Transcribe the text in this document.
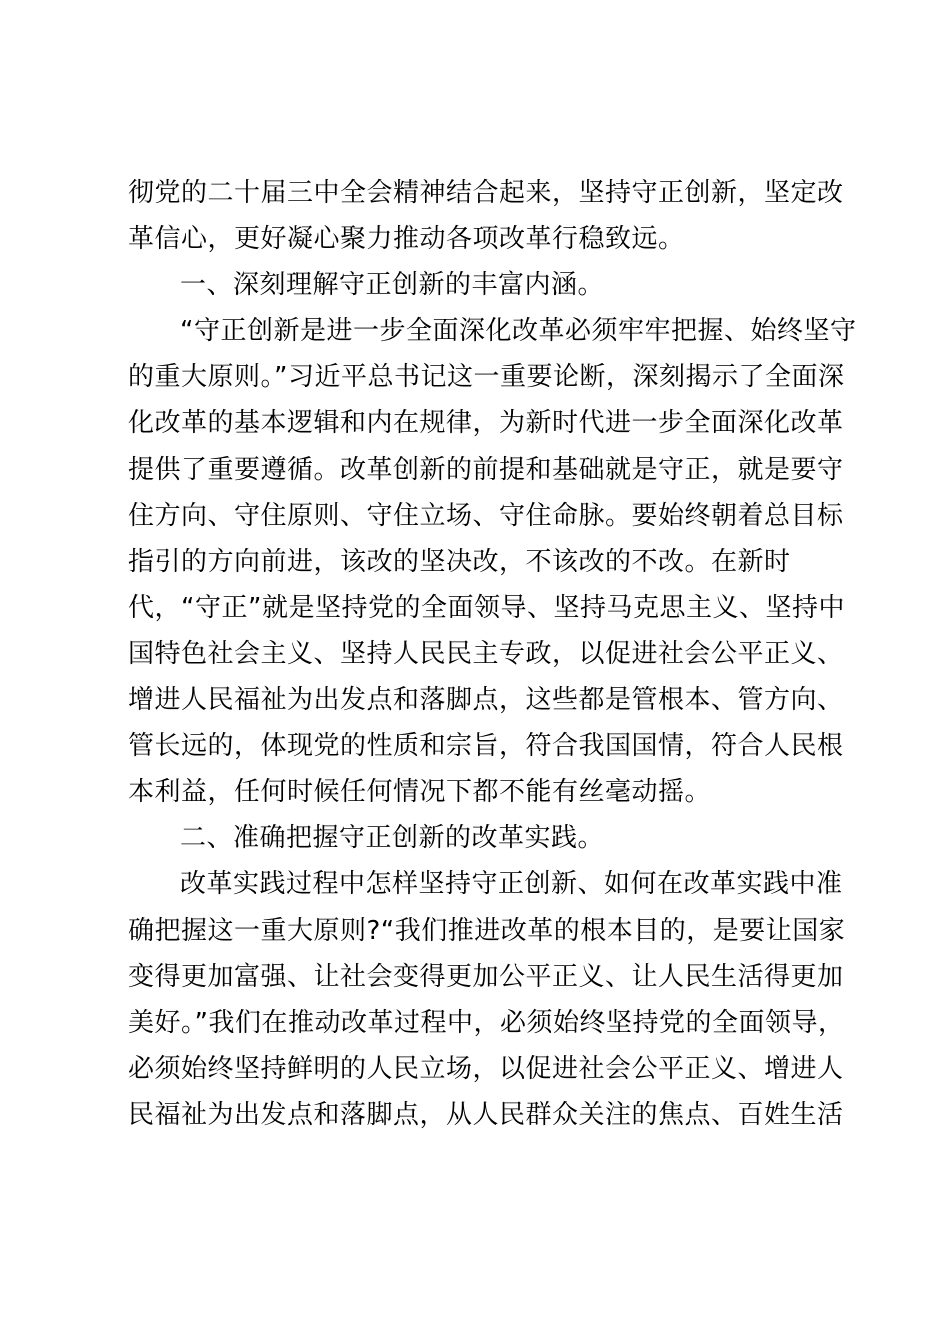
彻党的二十届三中全会精神结合起来，坚持守正创新，坚定改
革信心，更好凝心聚力推动各项改革行稳致远。
一、深刻理解守正创新的丰富内涵。
“守正创新是进一步全面深化改革必须牢牢把握、始终坚守
的重大原则。”习近平总书记这一重要论断，深刻揭示了全面深
化改革的基本逻辑和内在规律，为新时代进一步全面深化改革
提供了重要遵循。改革创新的前提和基础就是守正，就是要守
住方向、守住原则、守住立场、守住命脉。要始终朝着总目标
指引的方向前进，该改的坚决改，不该改的不改。在新时
代，“守正”就是坚持党的全面领导、坚持马克思主义、坚持中
国特色社会主义、坚持人民民主专政，以促进社会公平正义、
增进人民福祉为出发点和落脚点，这些都是管根本、管方向、
管长远的，体现党的性质和宗旨，符合我国国情，符合人民根
本利益，任何时候任何情况下都不能有丝毫动摇。
二、准确把握守正创新的改革实践。
改革实践过程中怎样坚持守正创新、如何在改革实践中准
确把握这一重大原则?“我们推进改革的根本目的，是要让国家
变得更加富强、让社会变得更加公平正义、让人民生活得更加
美好。”我们在推动改革过程中，必须始终坚持党的全面领导，
必须始终坚持鲜明的人民立场，以促进社会公平正义、增进人
民福祉为出发点和落脚点，从人民群众关注的焦点、百姓生活
